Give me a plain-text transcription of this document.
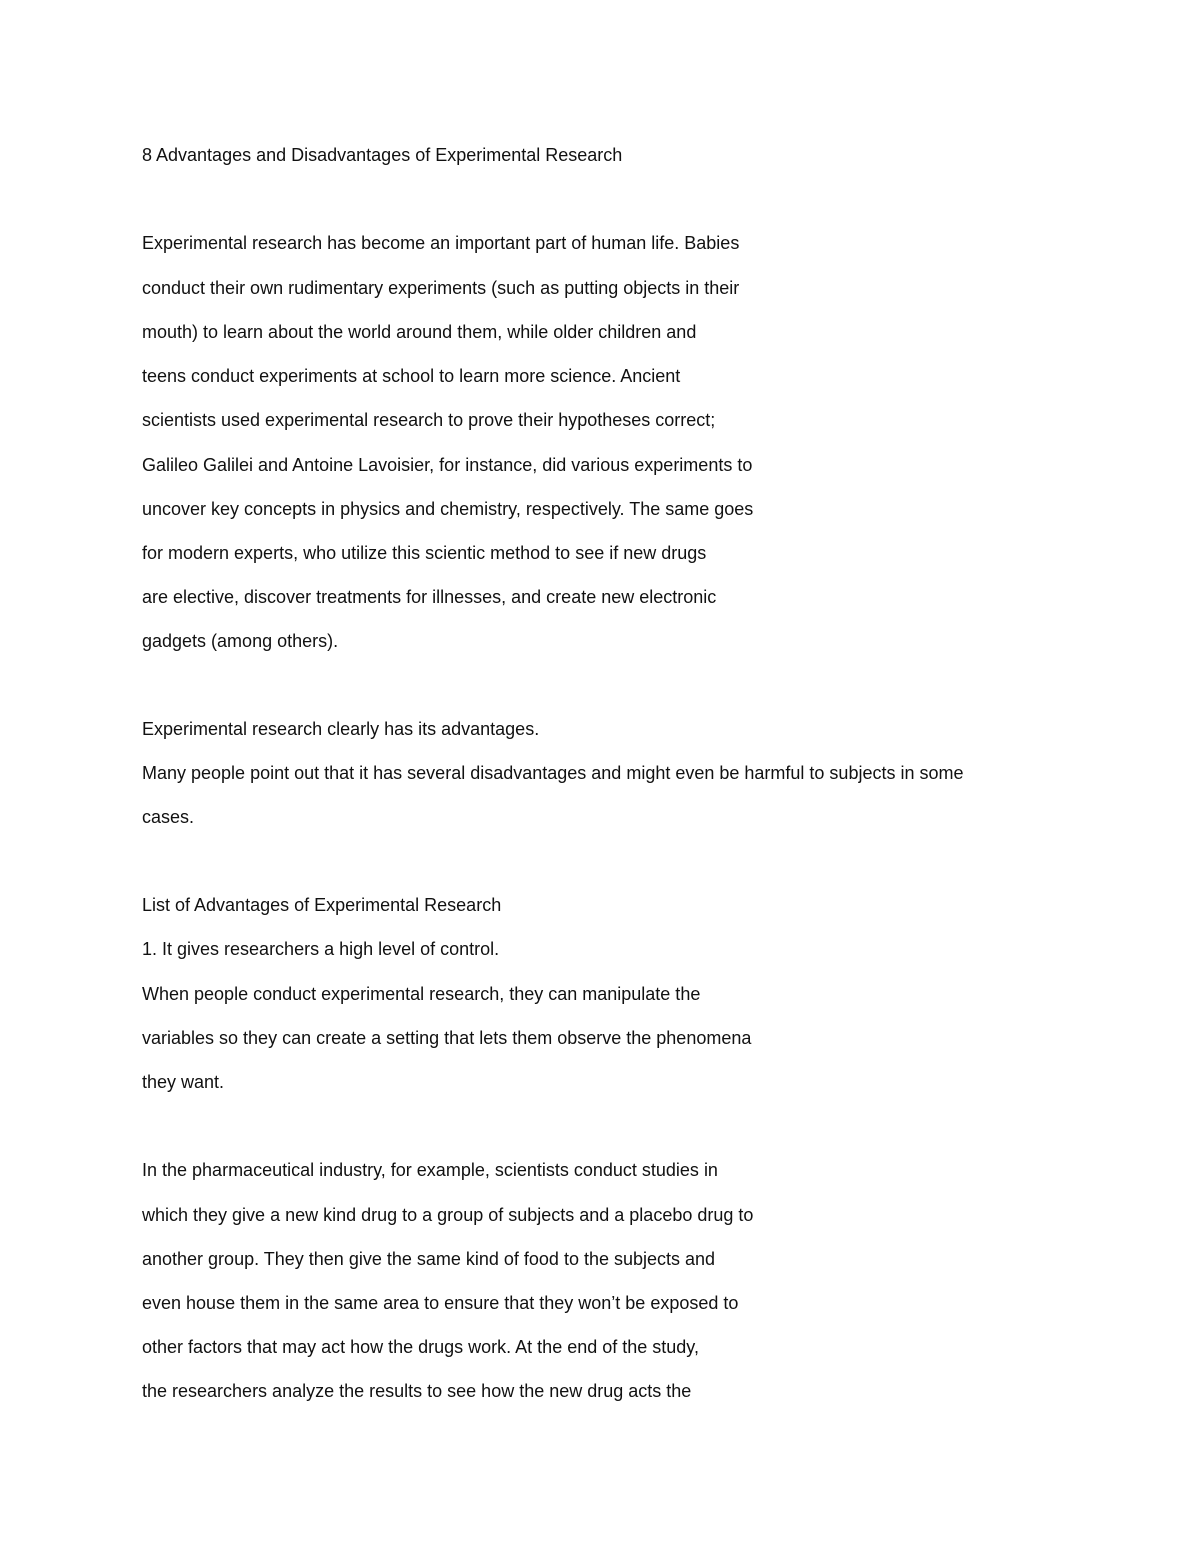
8 Advantages and Disadvantages of Experimental Research

Experimental research has become an important part of human life. Babies

conduct their own rudimentary experiments (such as putting objects in their

mouth) to learn about the world around them, while older children and

teens conduct experiments at school to learn more science. Ancient

scientists used experimental research to prove their hypotheses correct;

Galileo Galilei and Antoine Lavoisier, for instance, did various experiments to

uncover key concepts in physics and chemistry, respectively. The same goes

for modern experts, who utilize this scientic method to see if new drugs

are elective, discover treatments for illnesses, and create new electronic

gadgets (among others).

Experimental research clearly has its advantages.

Many people point out that it has several disadvantages and might even be harmful to subjects in some

cases.

List of Advantages of Experimental Research

1. It gives researchers a high level of control.

When people conduct experimental research, they can manipulate the

variables so they can create a setting that lets them observe the phenomena

they want.

In the pharmaceutical industry, for example, scientists conduct studies in

which they give a new kind drug to a group of subjects and a placebo drug to

another group. They then give the same kind of food to the subjects and

even house them in the same area to ensure that they won’t be exposed to

other factors that may act how the drugs work. At the end of the study,

the researchers analyze the results to see how the new drug acts the
